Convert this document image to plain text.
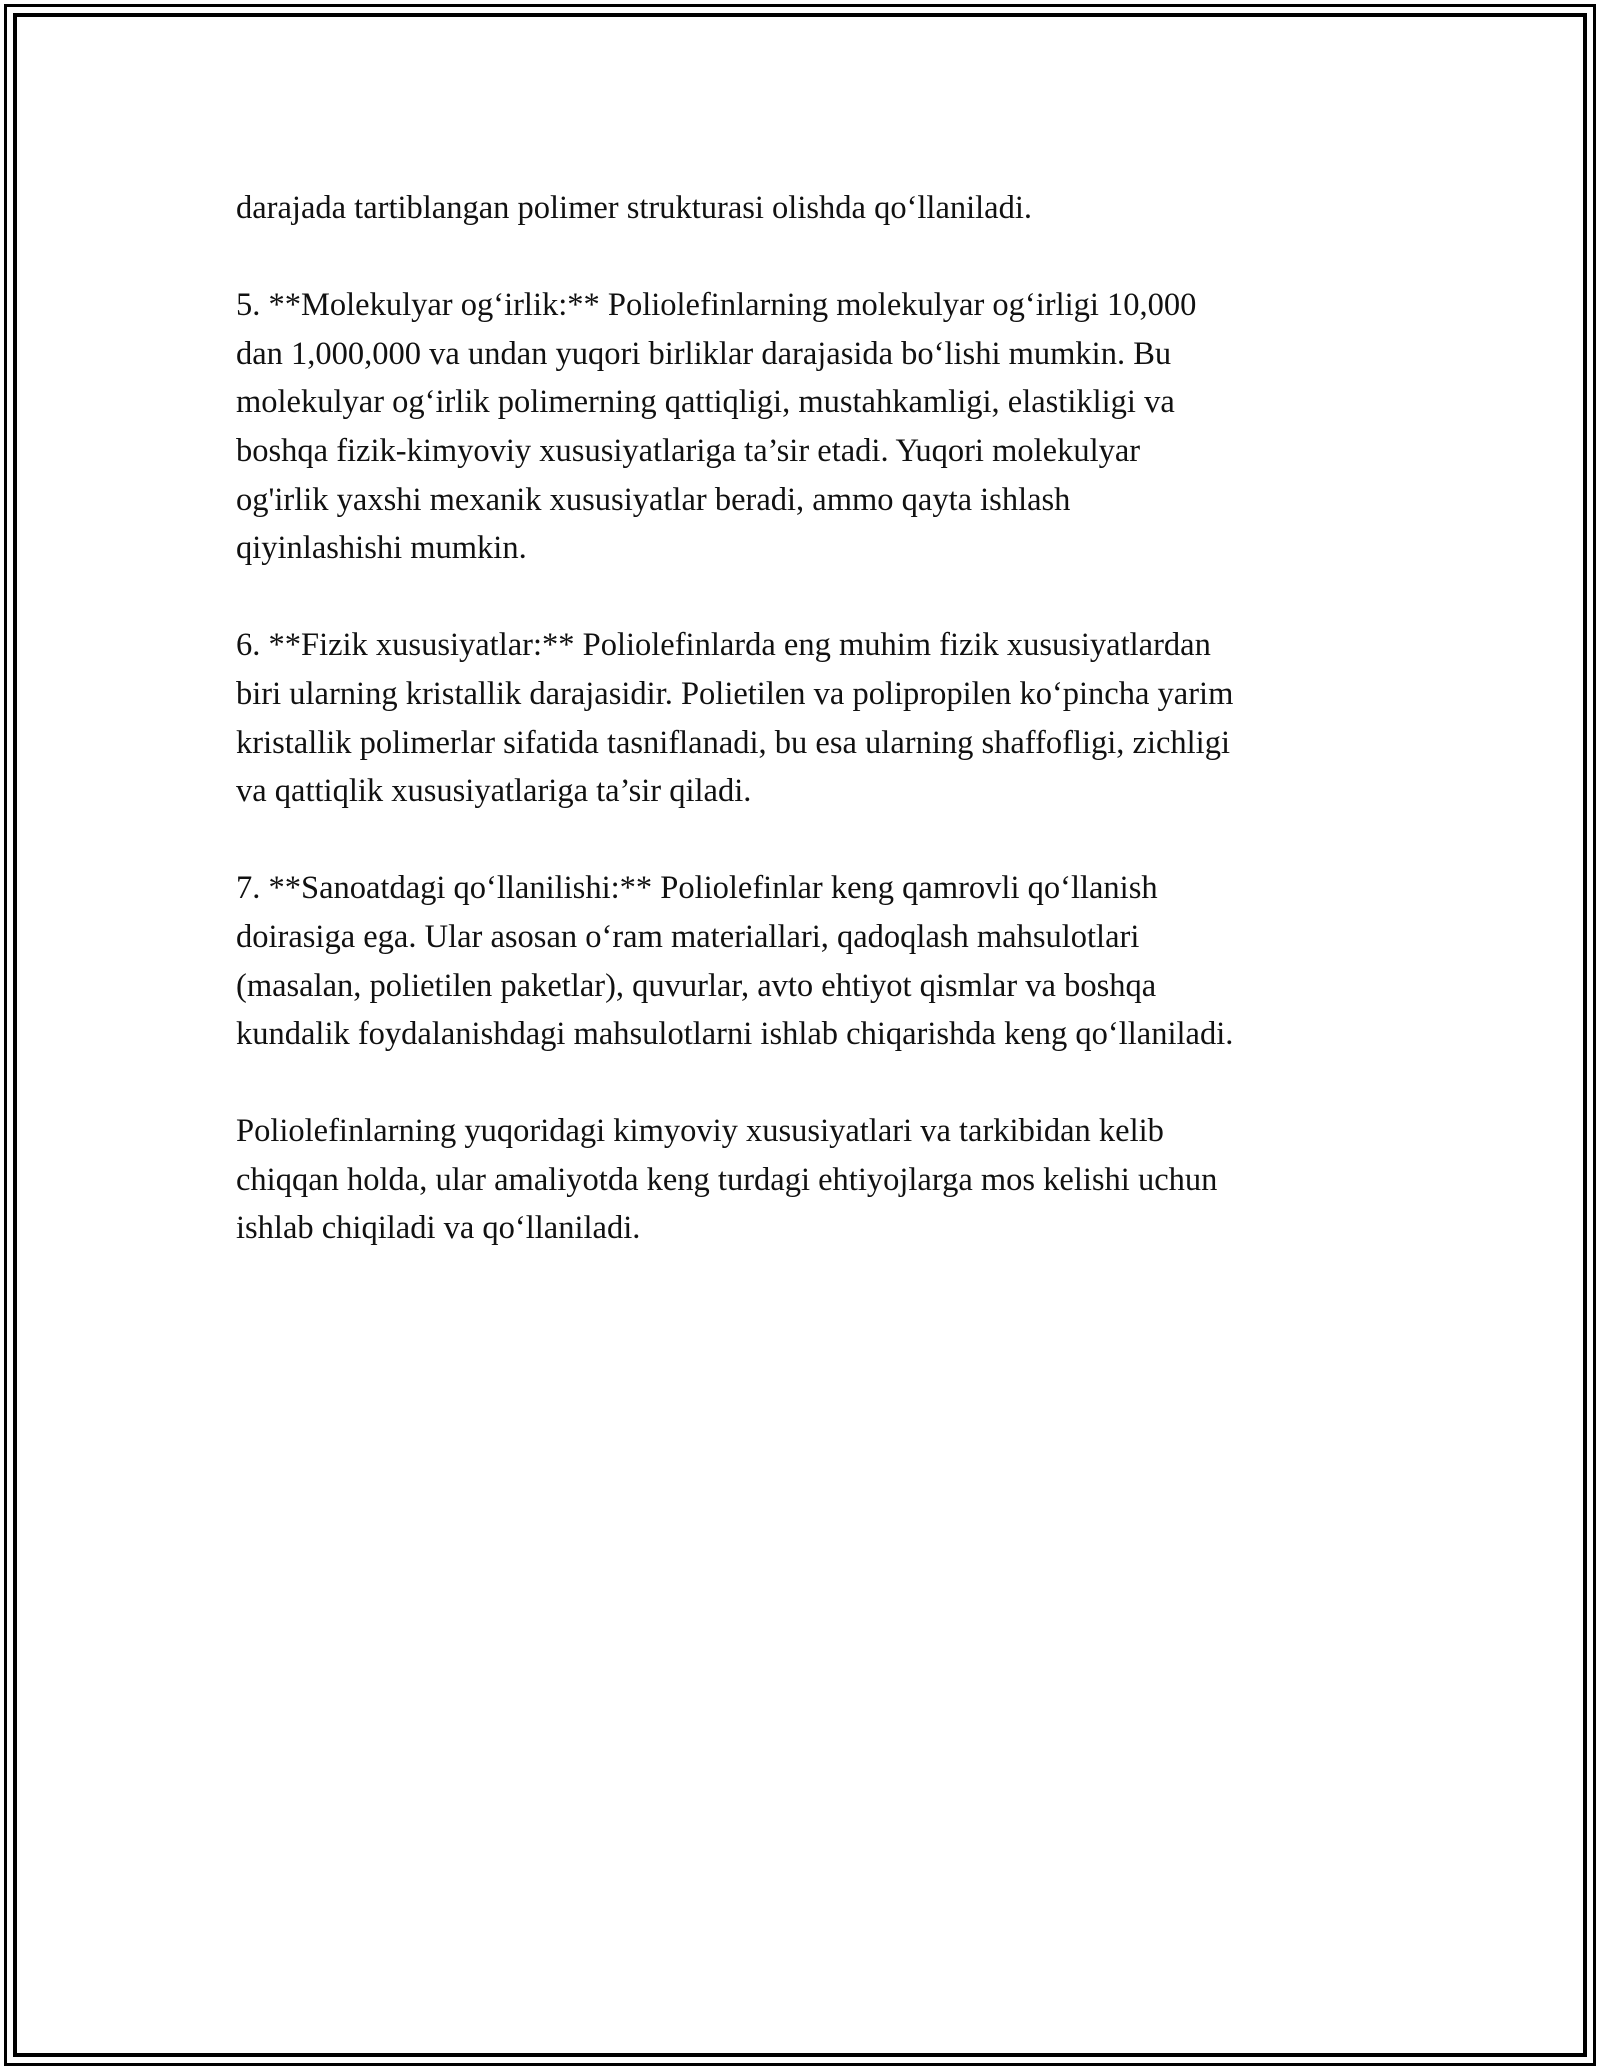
darajada tartiblangan polimer strukturasi olishda qo‘llaniladi.

5. **Molekulyar og‘irlik:** Poliolefinlarning molekulyar og‘irligi 10,000
dan 1,000,000 va undan yuqori birliklar darajasida bo‘lishi mumkin. Bu
molekulyar og‘irlik polimerning qattiqligi, mustahkamligi, elastikligi va
boshqa fizik-kimyoviy xususiyatlariga ta’sir etadi. Yuqori molekulyar
og'irlik yaxshi mexanik xususiyatlar beradi, ammo qayta ishlash
qiyinlashishi mumkin.

6. **Fizik xususiyatlar:** Poliolefinlarda eng muhim fizik xususiyatlardan
biri ularning kristallik darajasidir. Polietilen va polipropilen ko‘pincha yarim
kristallik polimerlar sifatida tasniflanadi, bu esa ularning shaffofligi, zichligi
va qattiqlik xususiyatlariga ta’sir qiladi.

7. **Sanoatdagi qo‘llanilishi:** Poliolefinlar keng qamrovli qo‘llanish
doirasiga ega. Ular asosan o‘ram materiallari, qadoqlash mahsulotlari
(masalan, polietilen paketlar), quvurlar, avto ehtiyot qismlar va boshqa
kundalik foydalanishdagi mahsulotlarni ishlab chiqarishda keng qo‘llaniladi.

Poliolefinlarning yuqoridagi kimyoviy xususiyatlari va tarkibidan kelib
chiqqan holda, ular amaliyotda keng turdagi ehtiyojlarga mos kelishi uchun
ishlab chiqiladi va qo‘llaniladi.
